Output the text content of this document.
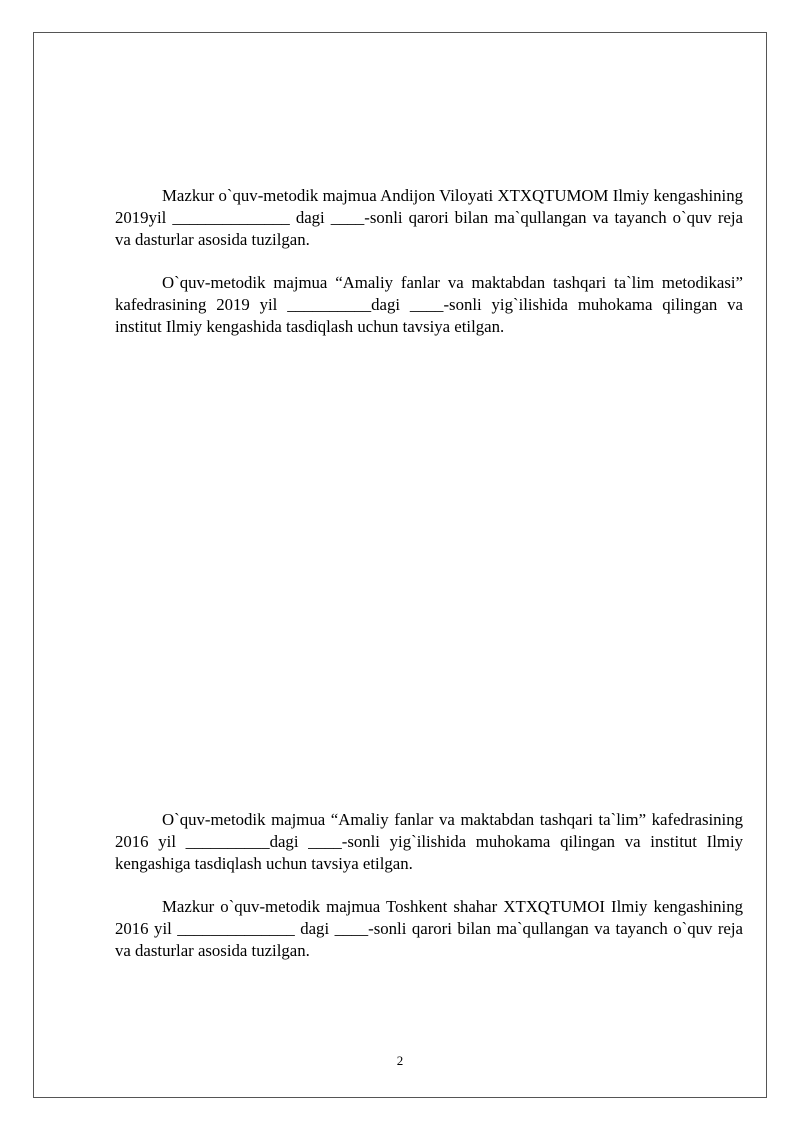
Mazkur o`quv-metodik majmua Andijon Viloyati XTXQTUMOM Ilmiy kengashining 2019yil ______________ dagi ____-sonli qarori bilan ma`qullangan va tayanch o`quv reja va dasturlar asosida tuzilgan.

O`quv-metodik majmua “Amaliy fanlar va maktabdan tashqari ta`lim metodikasi” kafedrasining 2019 yil __________dagi ____-sonli yig`ilishida muhokama qilingan va institut Ilmiy kengashida tasdiqlash uchun tavsiya etilgan.

O`quv-metodik majmua “Amaliy fanlar va maktabdan tashqari ta`lim” kafedrasining 2016 yil __________dagi ____-sonli yig`ilishida muhokama qilingan va institut Ilmiy kengashiga tasdiqlash uchun tavsiya etilgan.

Mazkur o`quv-metodik majmua Toshkent shahar XTXQTUMOI Ilmiy kengashining 2016 yil ______________ dagi ____-sonli qarori bilan ma`qullangan va tayanch o`quv reja va dasturlar asosida tuzilgan.

2
